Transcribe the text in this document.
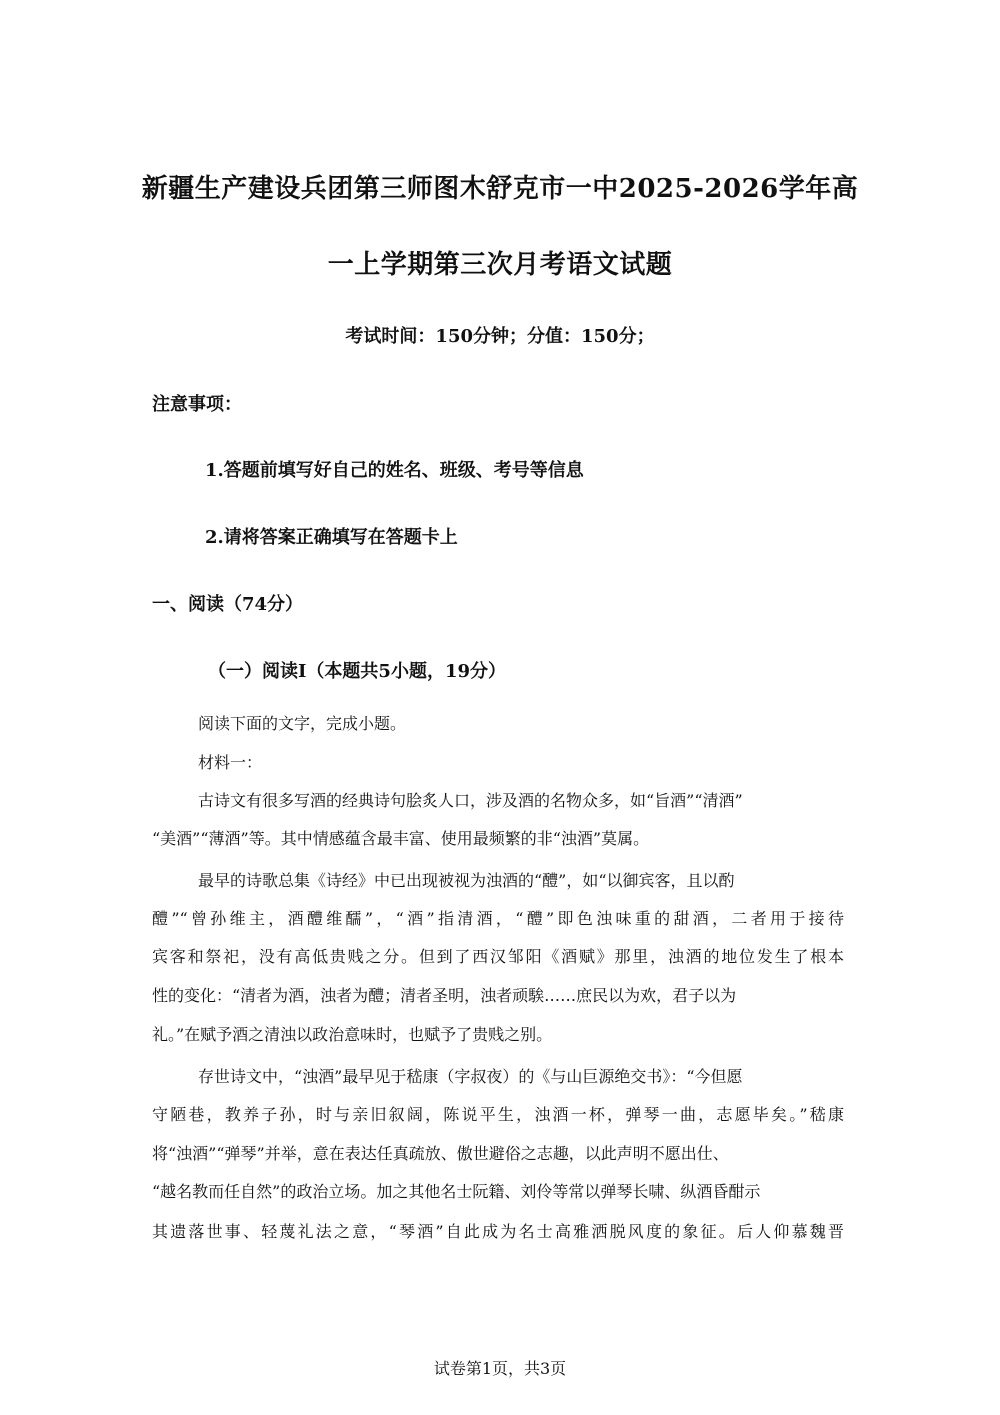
新疆生产建设兵团第三师图木舒克市一中2025-2026学年高
一上学期第三次月考语文试题
考试时间：150分钟；分值：150分；
注意事项：
1.答题前填写好自己的姓名、班级、考号等信息
2.请将答案正确填写在答题卡上
一、阅读（74分）
（一）阅读Ⅰ（本题共5小题，19分）
阅读下面的文字，完成小题。
材料一：
古诗文有很多写酒的经典诗句脍炙人口，涉及酒的名物众多，如“旨酒”“清酒”
“美酒”“薄酒”等。其中情感蕴含最丰富、使用最频繁的非“浊酒”莫属。
最早的诗歌总集《诗经》中已出现被视为浊酒的“醴”，如“以御宾客，且以酌
醴”“曾孙维主，酒醴维醹”，“酒”指清酒，“醴”即色浊味重的甜酒，二者用于接待
宾客和祭祀，没有高低贵贱之分。但到了西汉邹阳《酒赋》那里，浊酒的地位发生了根本
性的变化：“清者为酒，浊者为醴；清者圣明，浊者顽騃……庶民以为欢，君子以为
礼。”在赋予酒之清浊以政治意味时，也赋予了贵贱之别。
存世诗文中，“浊酒”最早见于嵇康（字叔夜）的《与山巨源绝交书》：“今但愿
守陋巷，教养子孙，时与亲旧叙阔，陈说平生，浊酒一杯，弹琴一曲，志愿毕矣。”嵇康
将“浊酒”“弹琴”并举，意在表达任真疏放、傲世避俗之志趣，以此声明不愿出仕、
“越名教而任自然”的政治立场。加之其他名士阮籍、刘伶等常以弹琴长啸、纵酒昏酣示
其遗落世事、轻蔑礼法之意，“琴酒”自此成为名士高雅洒脱风度的象征。后人仰慕魏晋
试卷第1页，共3页
